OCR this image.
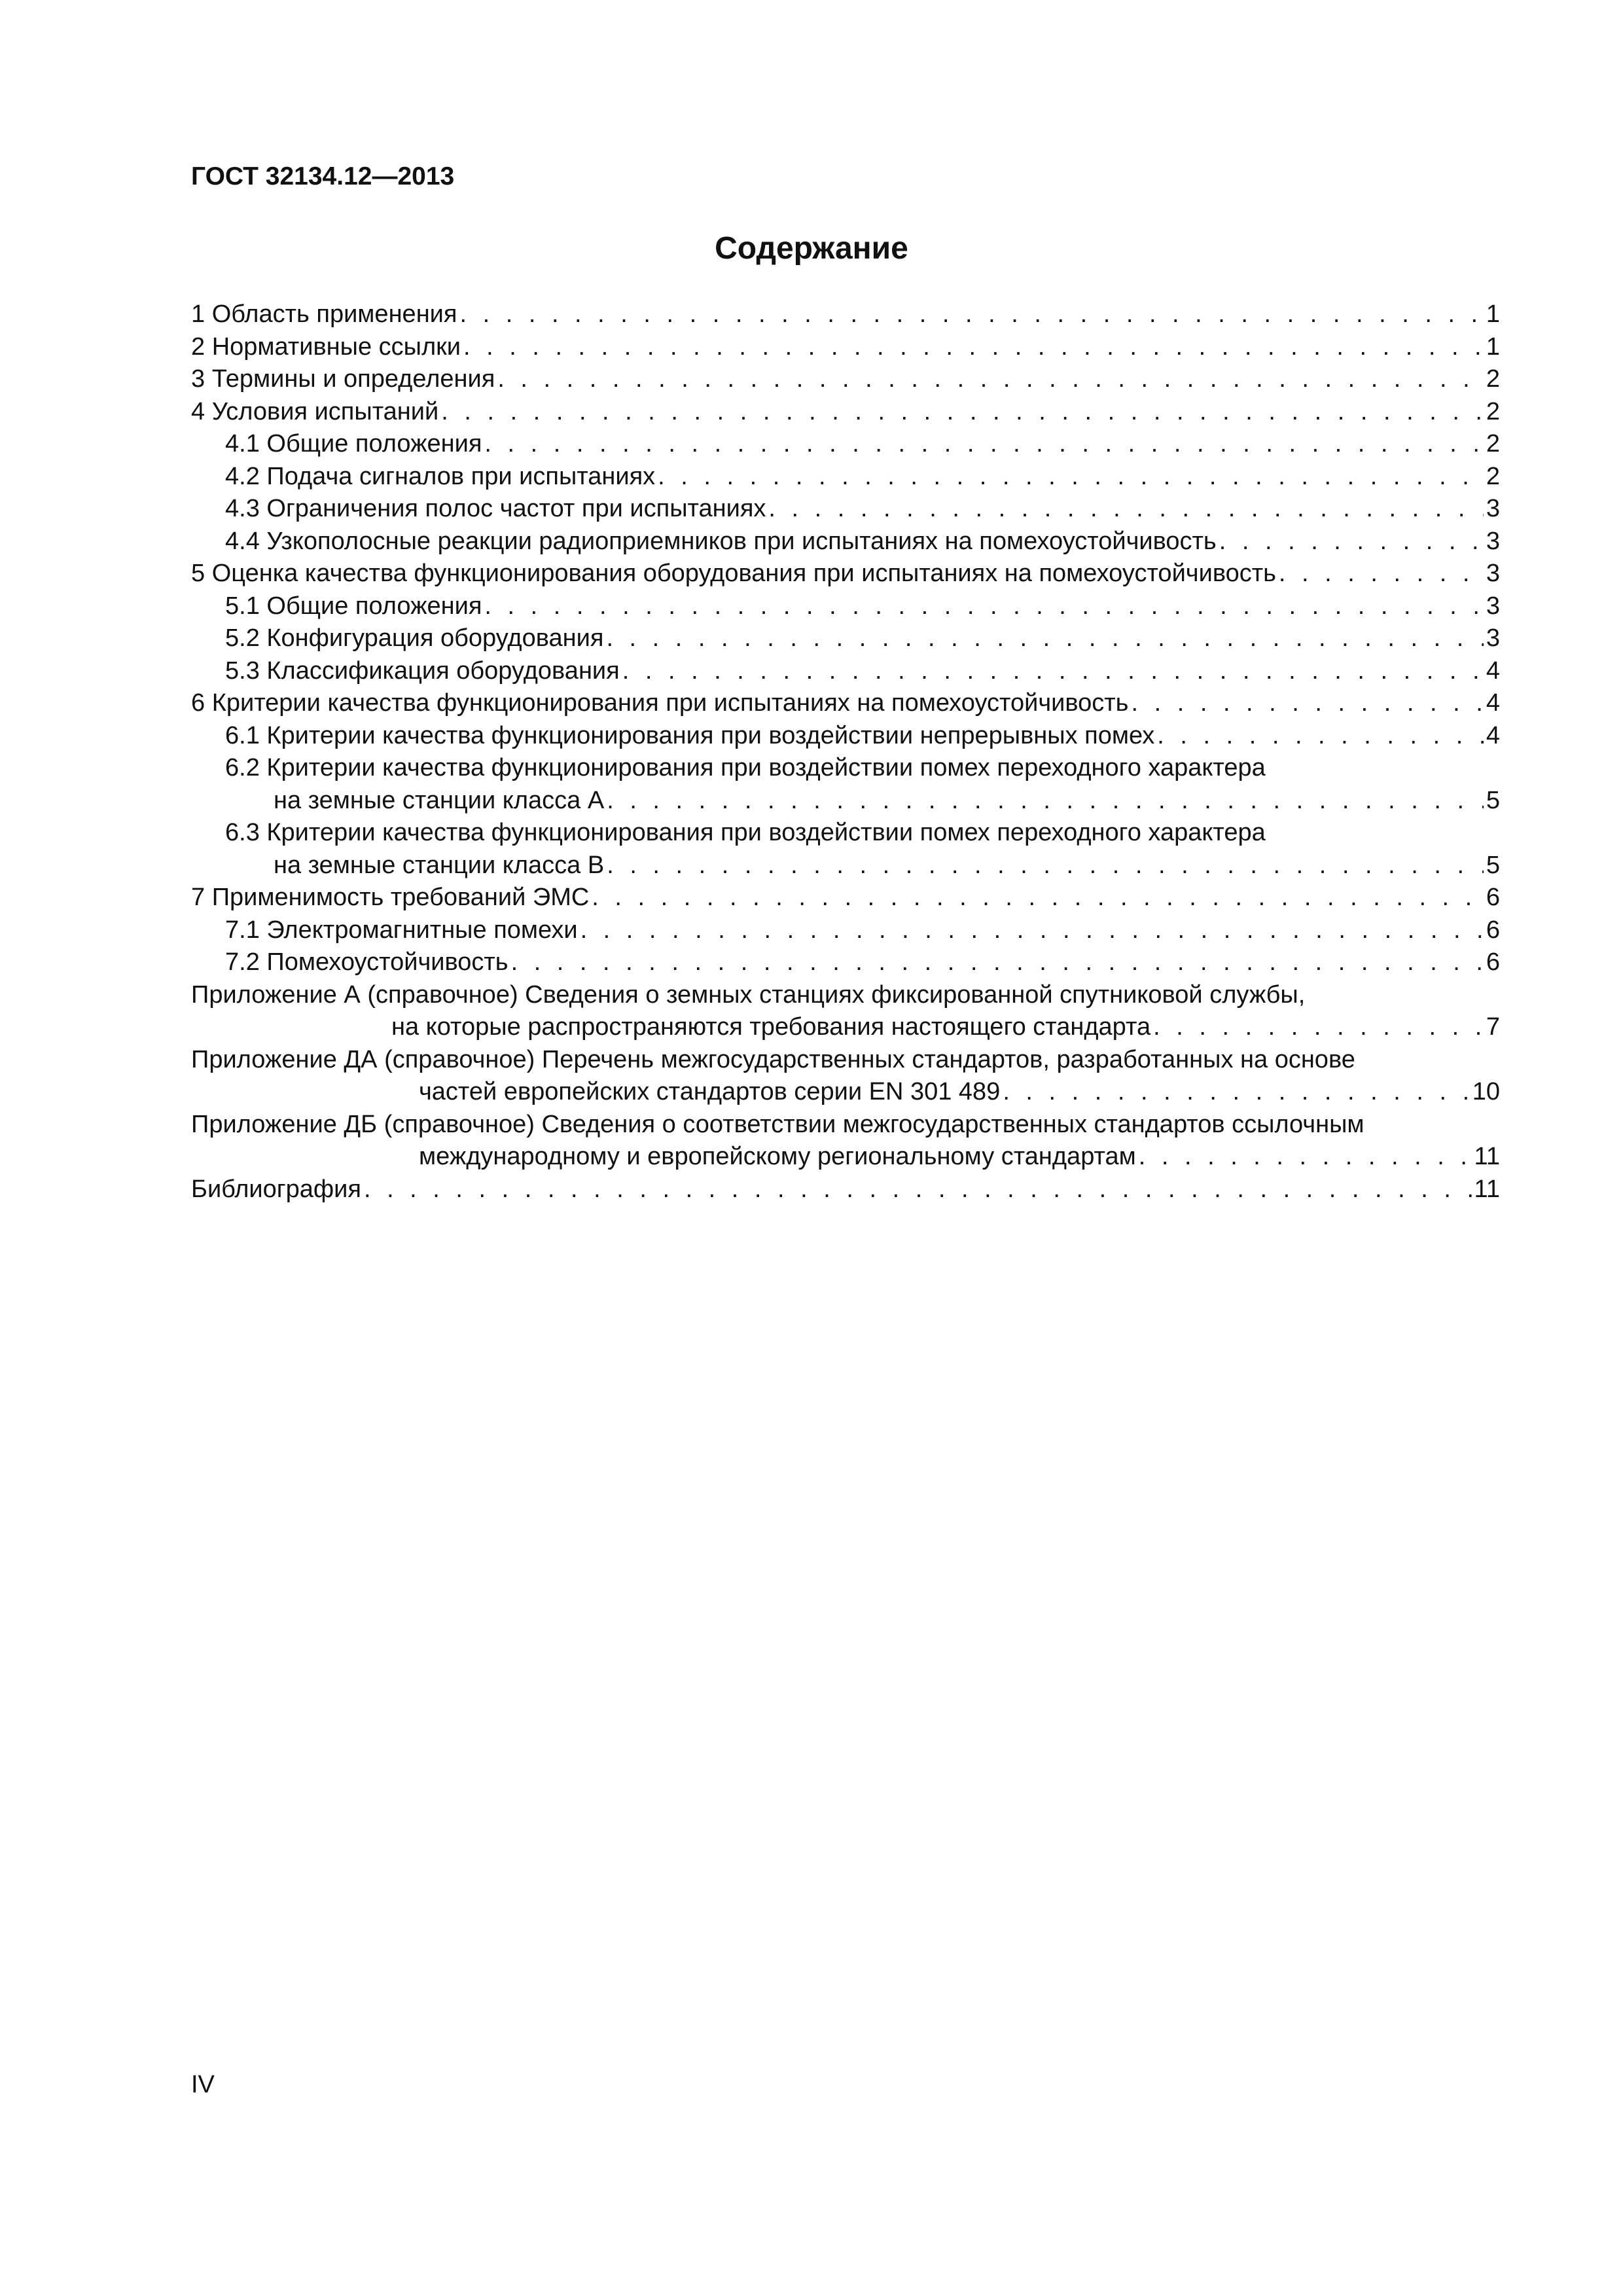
ГОСТ 32134.12—2013
Содержание
1 Область применения . . .	1
2 Нормативные ссылки . . .	1
3 Термины и определения . . .	2
4 Условия испытаний . . .	2
4.1 Общие положения . . .	2
4.2 Подача сигналов при испытаниях . . .	2
4.3 Ограничения полос частот при испытаниях . . .	3
4.4 Узкополосные реакции радиоприемников при испытаниях на помехоустойчивость . . .	3
5 Оценка качества функционирования оборудования при испытаниях на помехоустойчивость . . .	3
5.1 Общие положения . . .	3
5.2 Конфигурация оборудования . . .	3
5.3 Классификация оборудования . . .	4
6 Критерии качества функционирования при испытаниях на помехоустойчивость . . .	4
6.1 Критерии качества функционирования при воздействии непрерывных помех . . .	4
6.2 Критерии качества функционирования при воздействии помех переходного характера
на земные станции класса А . . .	5
6.3 Критерии качества функционирования при воздействии помех переходного характера
на земные станции класса В . . .	5
7 Применимость требований ЭМС . . .	6
7.1 Электромагнитные помехи . . .	6
7.2 Помехоустойчивость . . .	6
Приложение А (справочное) Сведения о земных станциях фиксированной спутниковой службы,
на которые распространяются требования настоящего стандарта . . .	7
Приложение ДА (справочное) Перечень межгосударственных стандартов, разработанных на основе
частей европейских стандартов серии EN 301 489 . . .	10
Приложение ДБ (справочное) Сведения о соответствии межгосударственных стандартов ссылочным
международному и европейскому региональному стандартам . . .	11
Библиография . . .	11
IV
